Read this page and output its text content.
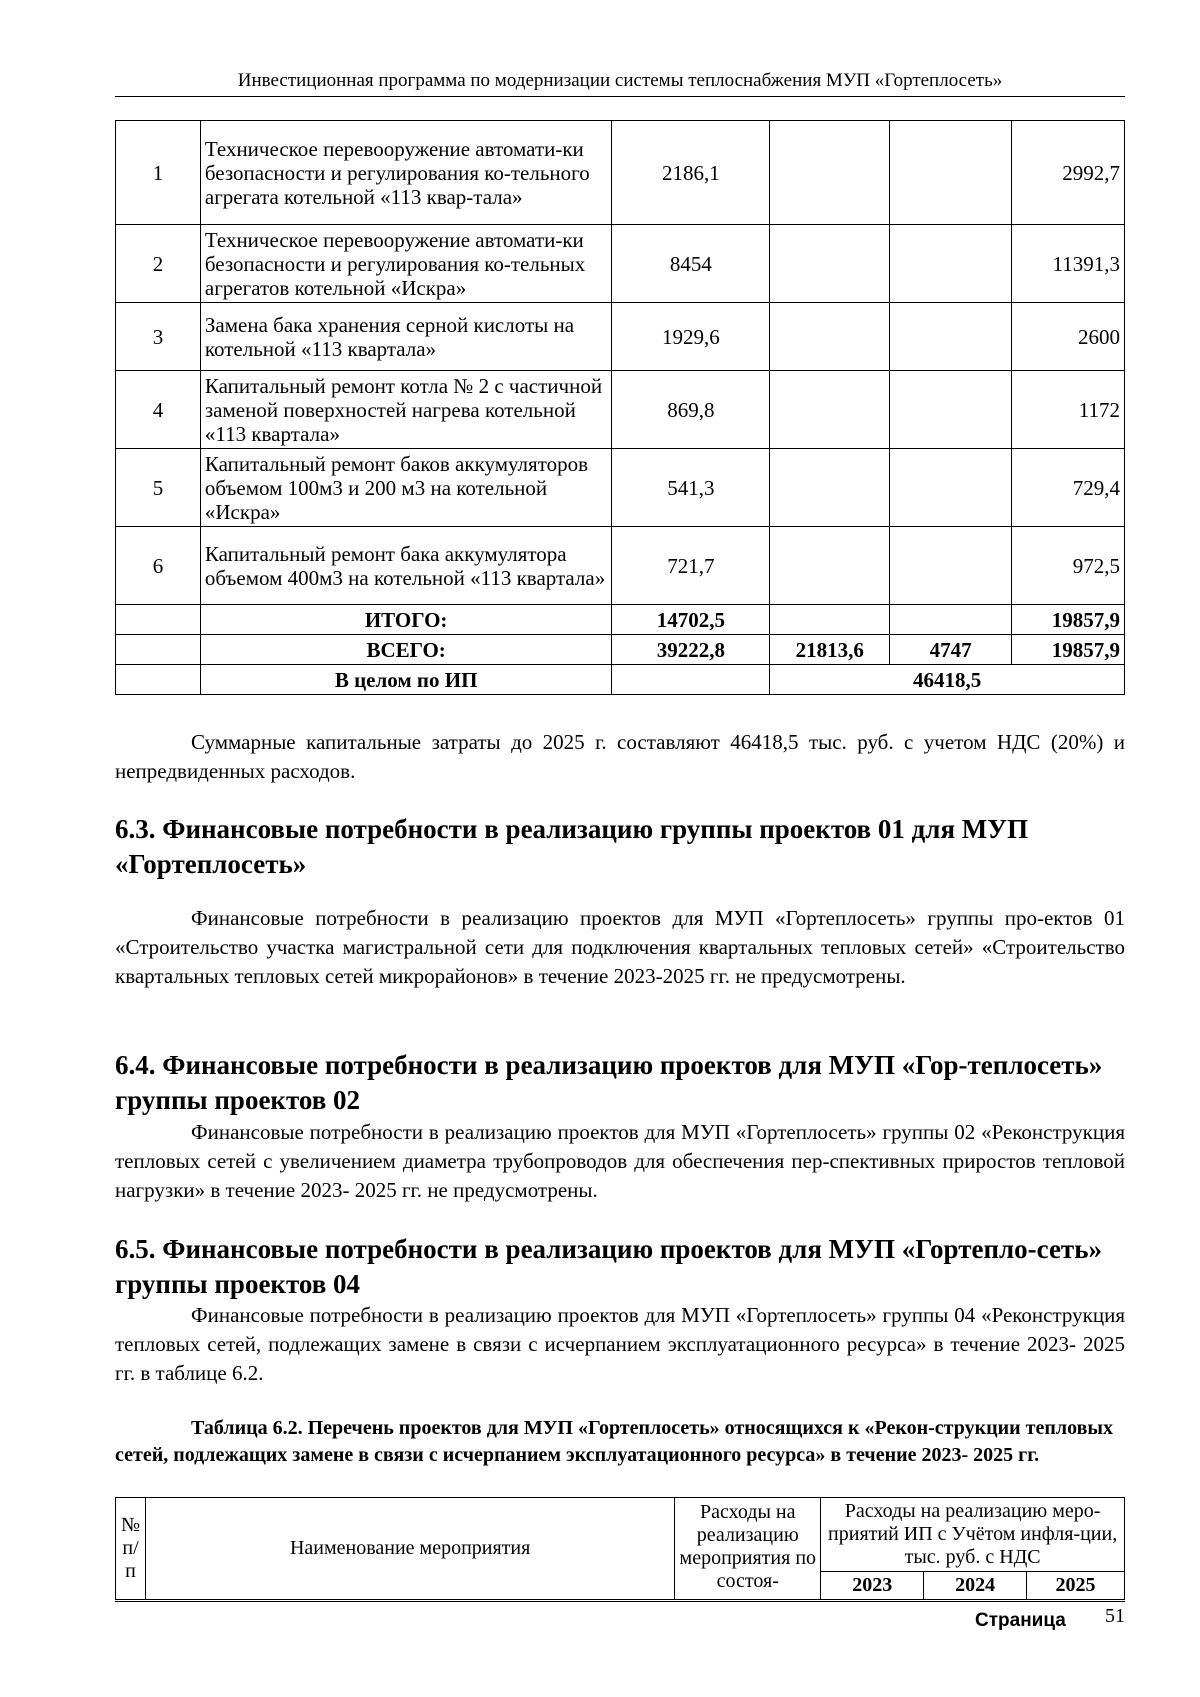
Инвестиционная программа по модернизации системы теплоснабжения МУП «Гортеплосеть»
1	Техническое перевооружение автомати-ки безопасности и регулирования ко-тельного агрегата котельной «113 квар-тала»	2186,1			2992,7
2	Техническое перевооружение автомати-ки безопасности и регулирования ко-тельных агрегатов котельной «Искра»	8454			11391,3
3	Замена бака хранения серной кислоты на котельной «113 квартала»	1929,6			2600
4	Капитальный ремонт котла № 2 с частичной заменой поверхностей нагрева котельной «113 квартала»	869,8			1172
5	Капитальный ремонт баков аккумуляторов объемом 100м3 и 200 м3 на котельной «Искра»	541,3			729,4
6	Капитальный ремонт бака аккумулятора объемом 400м3 на котельной «113 квартала»	721,7			972,5
	ИТОГО:	14702,5			19857,9
	ВСЕГО:	39222,8	21813,6	4747	19857,9
	В целом по ИП		46418,5		
Суммарные капитальные затраты до 2025 г. составляют 46418,5 тыс. руб. с учетом НДС (20%) и непредвиденных расходов.
6.3. Финансовые потребности в реализацию группы проектов 01 для МУП «Гортеплосеть»
Финансовые потребности в реализацию проектов для МУП «Гортеплосеть» группы про-ектов 01 «Строительство участка магистральной сети для подключения квартальных тепловых сетей» «Строительство квартальных тепловых сетей микрорайонов» в течение 2023-2025 гг. не предусмотрены.
6.4. Финансовые потребности в реализацию проектов для МУП «Гор-теплосеть» группы проектов 02
Финансовые потребности в реализацию проектов для МУП «Гортеплосеть» группы 02 «Реконструкция тепловых сетей с увеличением диаметра трубопроводов для обеспечения пер-спективных приростов тепловой нагрузки» в течение 2023- 2025 гг. не предусмотрены.
6.5. Финансовые потребности в реализацию проектов для МУП «Гортепло-сеть» группы проектов 04
Финансовые потребности в реализацию проектов для МУП «Гортеплосеть» группы 04 «Реконструкция тепловых сетей, подлежащих замене в связи с исчерпанием эксплуатационного ресурса» в течение 2023- 2025 гг. в таблице 6.2.
Таблица 6.2. Перечень проектов для МУП «Гортеплосеть» относящихся к «Рекон-струкции тепловых сетей, подлежащих замене в связи с исчерпанием эксплуатационного ресурса» в течение 2023- 2025 гг.
№ п/ п	Наименование мероприятия	Расходы на реализацию мероприятия по состоя-	Расходы на реализацию меро-приятий ИП с Учётом инфля-ции, тыс. руб. с НДС		
			2023	2024	2025
Страница 51
